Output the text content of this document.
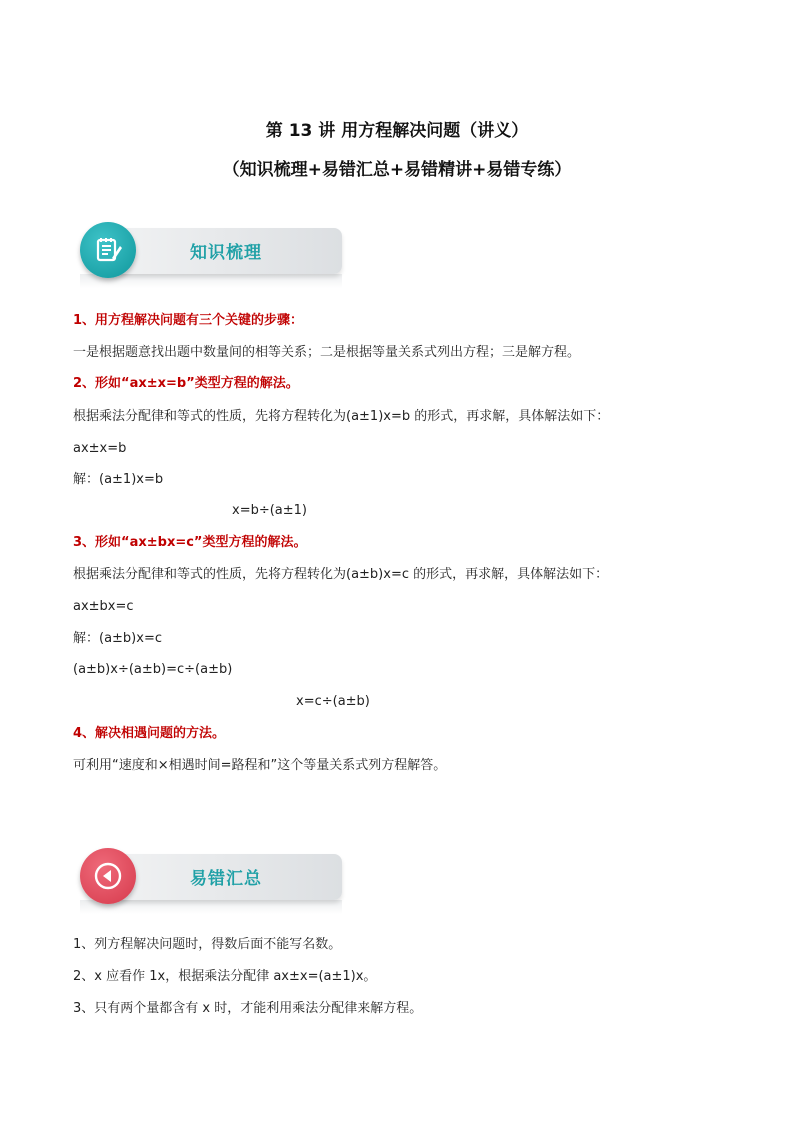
第 13 讲 用方程解决问题（讲义）
（知识梳理+易错汇总+易错精讲+易错专练）
知识梳理
1、用方程解决问题有三个关键的步骤：
一是根据题意找出题中数量间的相等关系；二是根据等量关系式列出方程；三是解方程。
2、形如“ax±x=b”类型方程的解法。
根据乘法分配律和等式的性质，先将方程转化为(a±1)x=b 的形式，再求解，具体解法如下：
ax±x=b
解：(a±1)x=b
x=b÷(a±1)
3、形如“ax±bx=c”类型方程的解法。
根据乘法分配律和等式的性质，先将方程转化为(a±b)x=c 的形式，再求解，具体解法如下：
ax±bx=c
解：(a±b)x=c
(a±b)x÷(a±b)=c÷(a±b)
x=c÷(a±b)
4、解决相遇问题的方法。
可利用“速度和×相遇时间=路程和”这个等量关系式列方程解答。
易错汇总
1、列方程解决问题时，得数后面不能写名数。
2、x 应看作 1x，根据乘法分配律 ax±x=(a±1)x。
3、只有两个量都含有 x 时，才能利用乘法分配律来解方程。
